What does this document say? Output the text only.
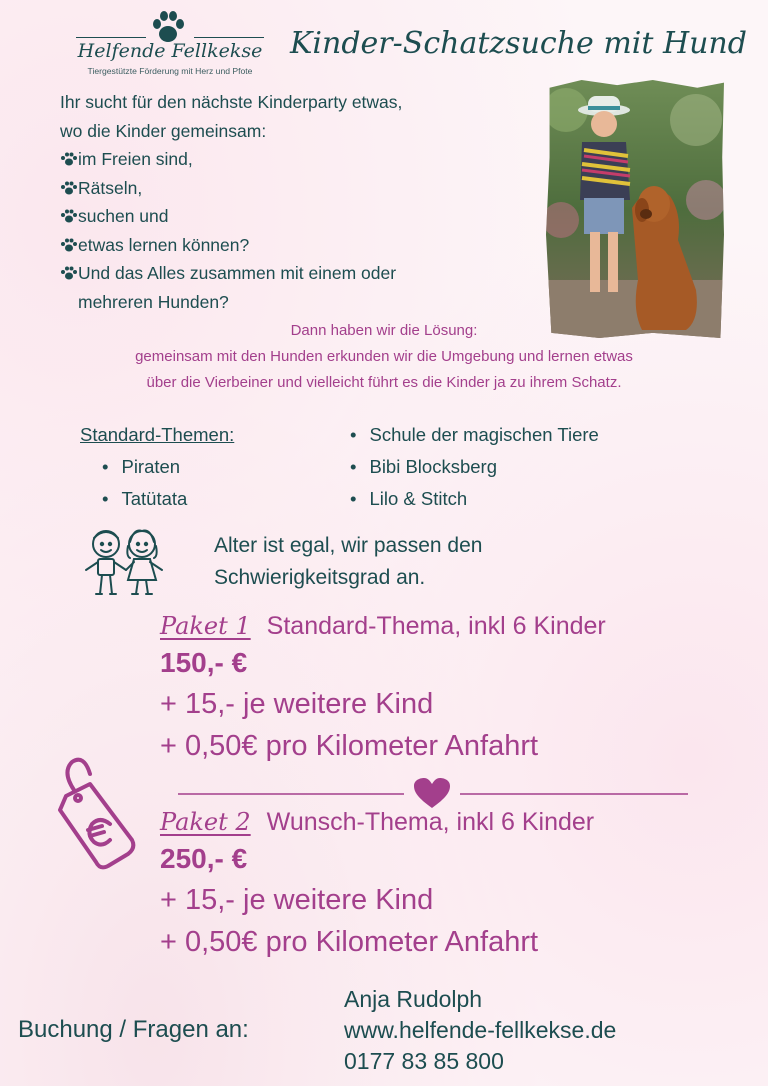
Helfende Fellkekse
Tiergestützte Förderung mit Herz und Pfote
Kinder-Schatzsuche mit Hund
Ihr sucht für den nächste Kinderparty etwas,
wo die Kinder gemeinsam:
im Freien sind,
Rätseln,
suchen und
etwas lernen können?
Und das Alles zusammen mit einem oder
mehreren Hunden?
Dann haben wir die Lösung:
gemeinsam mit den Hunden erkunden wir die Umgebung und lernen etwas
über die Vierbeiner und vielleicht führt es die Kinder ja zu ihrem Schatz.
Standard-Themen:
• Piraten
• Tatütata
• Schule der magischen Tiere
• Bibi Blocksberg
• Lilo & Stitch
Alter ist egal, wir passen den
Schwierigkeitsgrad an.
Paket 1 Standard-Thema, inkl 6 Kinder
150,- €
+ 15,- je weitere Kind
+ 0,50€ pro Kilometer Anfahrt
Paket 2 Wunsch-Thema, inkl 6 Kinder
250,- €
+ 15,- je weitere Kind
+ 0,50€ pro Kilometer Anfahrt
Buchung / Fragen an:
Anja Rudolph
www.helfende-fellkekse.de
0177 83 85 800
